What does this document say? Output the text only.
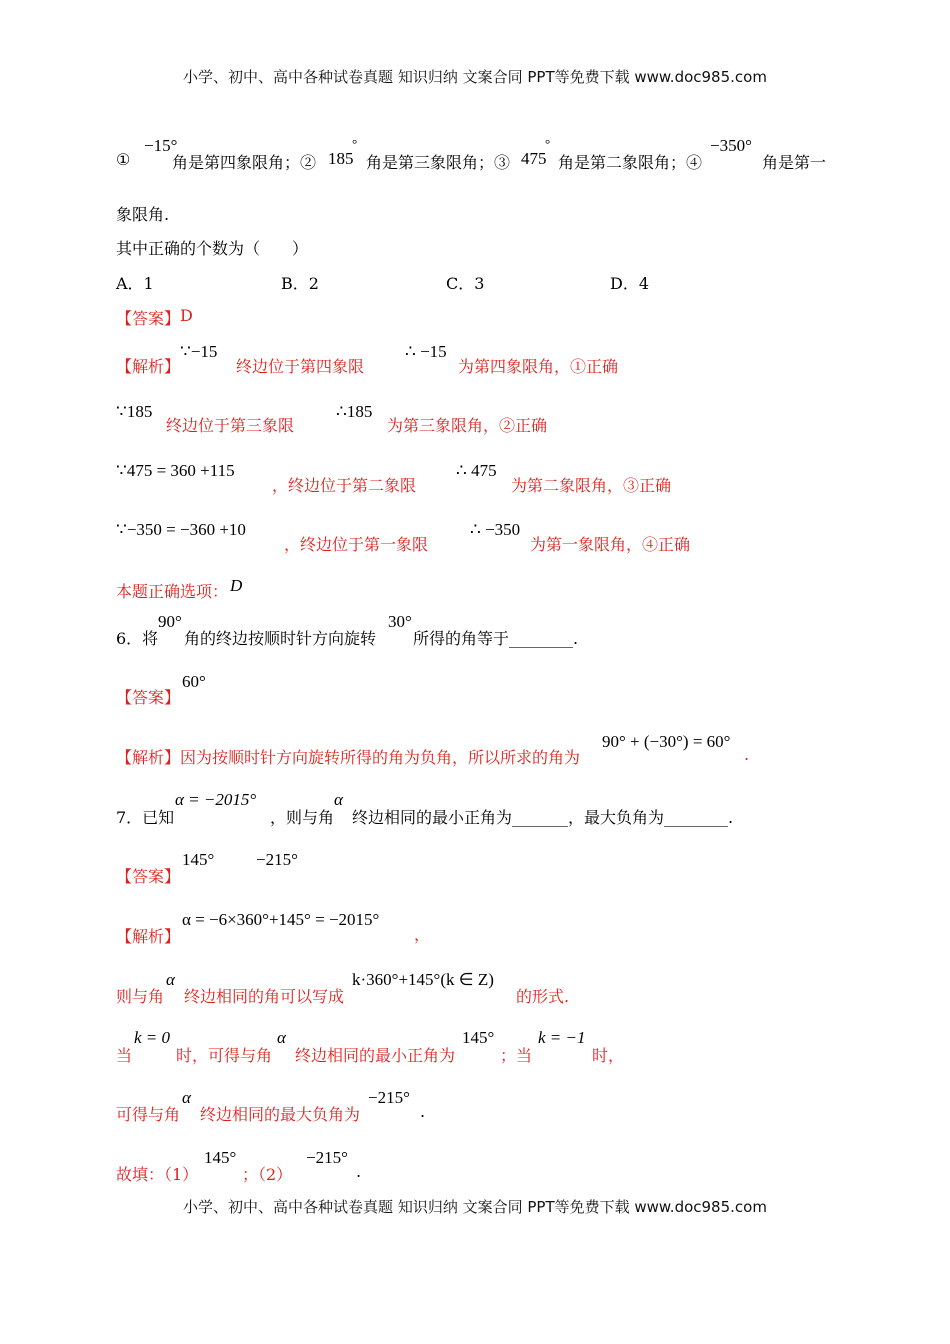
小学、初中、高中各种试卷真题 知识归纳 文案合同 PPT等免费下载 www.doc985.com
①
−15°
角是第四象限角；② 185
°
角是第三象限角；③ 475
°
角是第二象限角；④
−350°
角是第一
象限角.
其中正确的个数为（　　）
A．1	B．2	C．3	D．4
【答案】 D
【解析】
∵−15
终边位于第四象限
∴ −15
为第四象限角，①正确
∵185
终边位于第三象限
∴185
为第三象限角，②正确
∵475 = 360 +115
，终边位于第二象限
∴ 475
为第二象限角，③正确
∵−350 = −360 +10
，终边位于第一象限
∴ −350
为第一象限角，④正确
本题正确选项： D
6．将
90°
角的终边按顺时针方向旋转
30°
所得的角等于________.
【答案】
60°
【解析】 因为按顺时针方向旋转所得的角为负角，所以所求的角为
90° + (−30°) = 60°
.
7．已知
α = −2015°
，则与角
α
终边相同的最小正角为_______，最大负角为________.
【答案】
145° −215°
【解析】
α = −6×360°+145° = −2015°
，
则与角
α
终边相同的角可以写成
k·360°+145°(k ∈ Z)
的形式.
当
k = 0
时，可得与角
α
终边相同的最小正角为
145°
；当
k = −1
时，
可得与角
α
终边相同的最大负角为
−215°
.
故填：（1）
145°
；（2）
−215°
.
小学、初中、高中各种试卷真题 知识归纳 文案合同 PPT等免费下载 www.doc985.com
